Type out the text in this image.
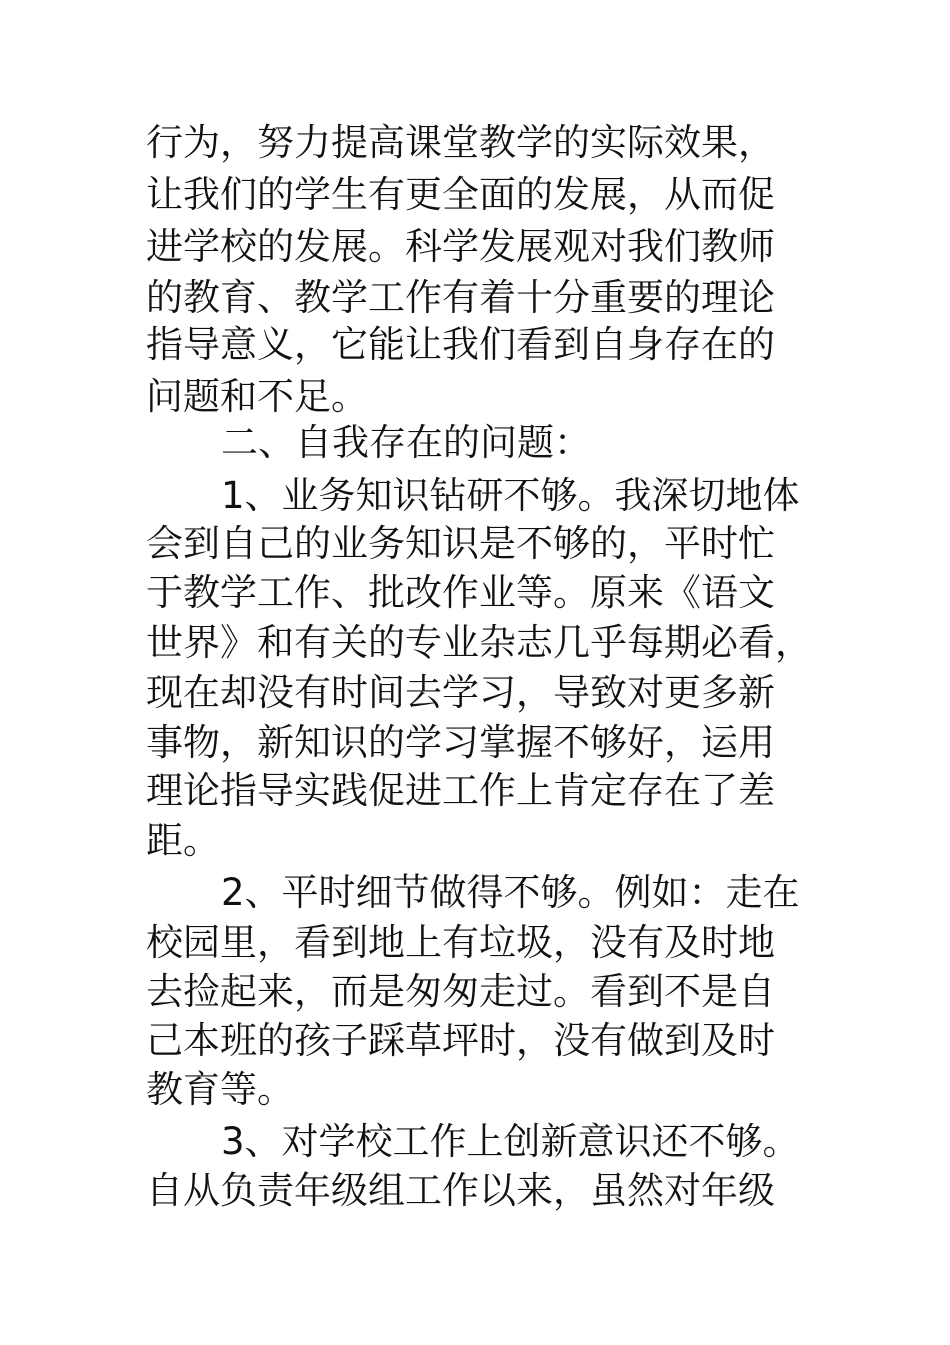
行为，努力提高课堂教学的实际效果，
让我们的学生有更全面的发展，从而促
进学校的发展。科学发展观对我们教师
的教育、教学工作有着十分重要的理论
指导意义，它能让我们看到自身存在的
问题和不足。
二、自我存在的问题：
1、业务知识钻研不够。我深切地体
会到自己的业务知识是不够的，平时忙
于教学工作、批改作业等。原来《语文
世界》和有关的专业杂志几乎每期必看，
现在却没有时间去学习，导致对更多新
事物，新知识的学习掌握不够好，运用
理论指导实践促进工作上肯定存在了差
距。
2、平时细节做得不够。例如：走在
校园里，看到地上有垃圾，没有及时地
去捡起来，而是匆匆走过。看到不是自
己本班的孩子踩草坪时，没有做到及时
教育等。
3、对学校工作上创新意识还不够。
自从负责年级组工作以来，虽然对年级
